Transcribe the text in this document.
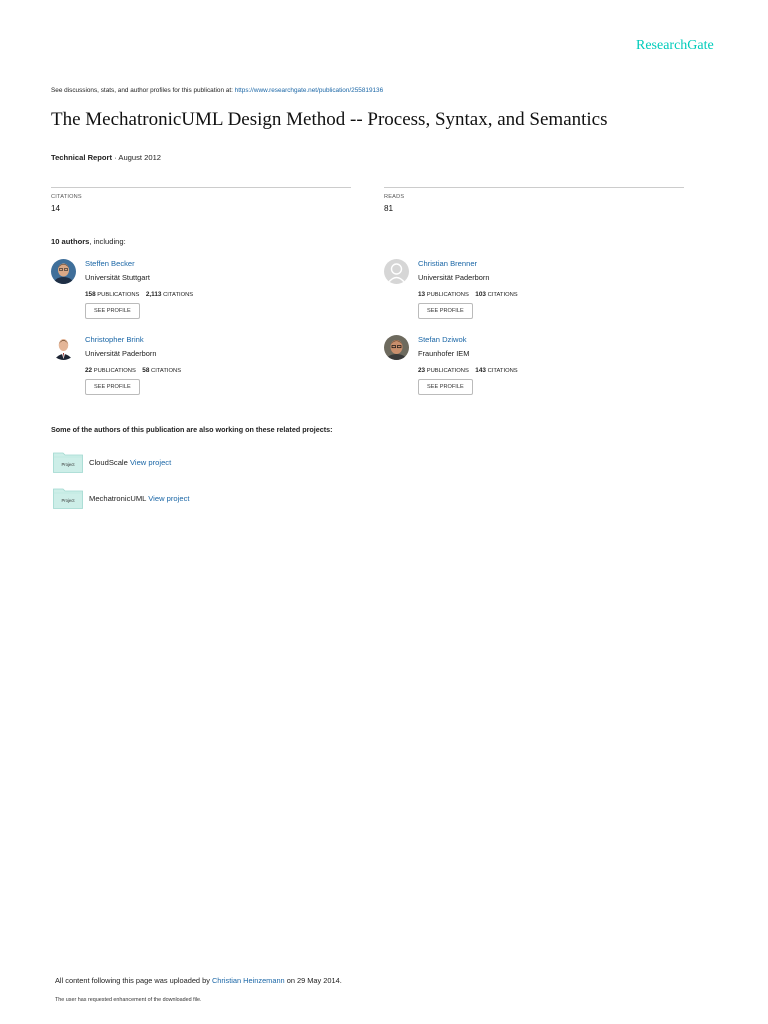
ResearchGate
See discussions, stats, and author profiles for this publication at: https://www.researchgate.net/publication/255819136
The MechatronicUML Design Method -- Process, Syntax, and Semantics
Technical Report · August 2012
CITATIONS
14
READS
81
10 authors, including:
Steffen Becker
Universität Stuttgart
158 PUBLICATIONS 2,113 CITATIONS
SEE PROFILE
Christian Brenner
Universität Paderborn
13 PUBLICATIONS 103 CITATIONS
SEE PROFILE
Christopher Brink
Universität Paderborn
22 PUBLICATIONS 58 CITATIONS
SEE PROFILE
Stefan Dziwok
Fraunhofer IEM
23 PUBLICATIONS 143 CITATIONS
SEE PROFILE
Some of the authors of this publication are also working on these related projects:
Project CloudScale View project
Project MechatronicUML View project
All content following this page was uploaded by Christian Heinzemann on 29 May 2014.
The user has requested enhancement of the downloaded file.
